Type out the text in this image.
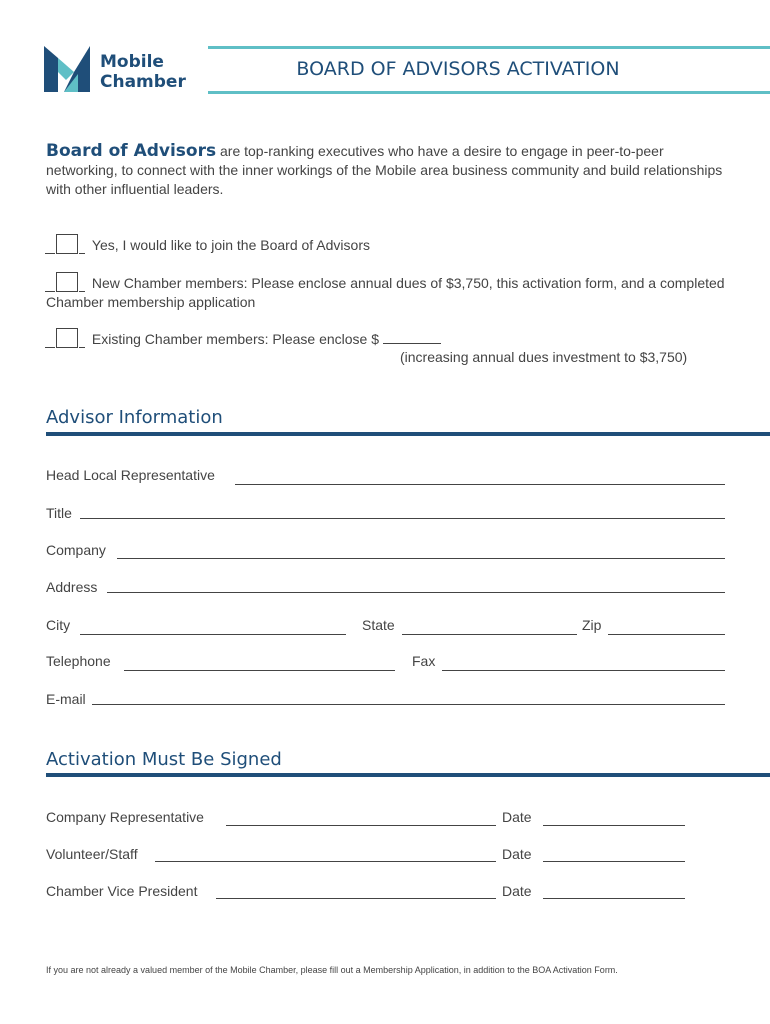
Mobile
Chamber
BOARD OF ADVISORS ACTIVATION
Board of Advisors are top-ranking executives who have a desire to engage in peer-to-peer networking, to connect with the inner workings of the Mobile area business community and build relationships with other influential leaders.
Yes, I would like to join the Board of Advisors
New Chamber members: Please enclose annual dues of $3,750, this activation form, and a completed Chamber membership application
Existing Chamber members: Please enclose $
(increasing annual dues investment to $3,750)
Advisor Information
Head Local Representative
Title
Company
Address
City	State	Zip
Telephone	Fax
E-mail
Activation Must Be Signed
Company Representative	Date
Volunteer/Staff	Date
Chamber Vice President	Date
If you are not already a valued member of the Mobile Chamber, please fill out a Membership Application, in addition to the BOA Activation Form.
